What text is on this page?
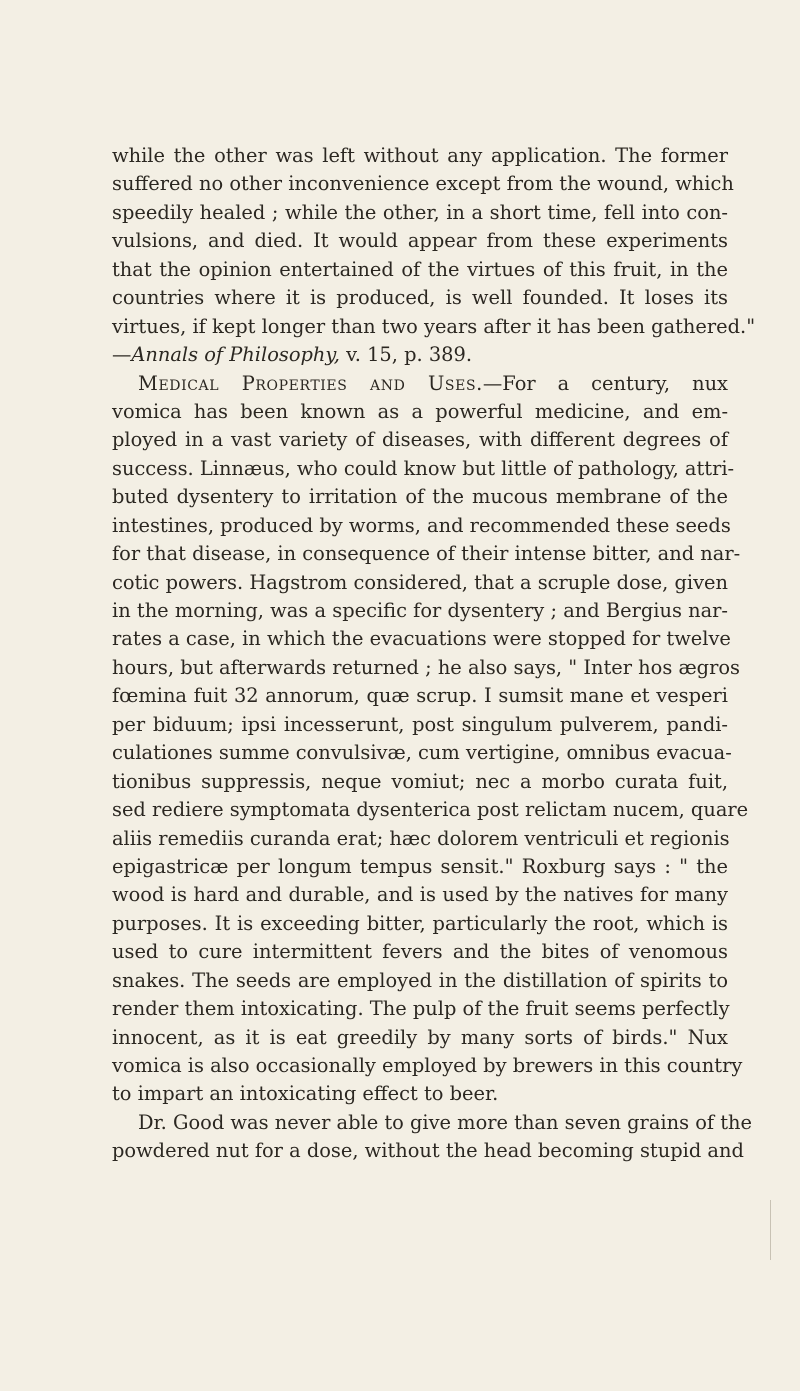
while the other was left without any application. The former
suffered no other inconvenience except from the wound, which
speedily healed ; while the other, in a short time, fell into con-
vulsions, and died. It would appear from these experiments
that the opinion entertained of the virtues of this fruit, in the
countries where it is produced, is well founded. It loses its
virtues, if kept longer than two years after it has been gathered."
—Annals of Philosophy, v. 15, p. 389.
Medical Properties and Uses.—For a century, nux
vomica has been known as a powerful medicine, and em-
ployed in a vast variety of diseases, with different degrees of
success. Linnæus, who could know but little of pathology, attri-
buted dysentery to irritation of the mucous membrane of the
intestines, produced by worms, and recommended these seeds
for that disease, in consequence of their intense bitter, and nar-
cotic powers. Hagstrom considered, that a scruple dose, given
in the morning, was a specific for dysentery ; and Bergius nar-
rates a case, in which the evacuations were stopped for twelve
hours, but afterwards returned ; he also says, " Inter hos ægros
fœmina fuit 32 annorum, quæ scrup. I sumsit mane et vesperi
per biduum; ipsi incesserunt, post singulum pulverem, pandi-
culationes summe convulsivæ, cum vertigine, omnibus evacua-
tionibus suppressis, neque vomiut; nec a morbo curata fuit,
sed rediere symptomata dysenterica post relictam nucem, quare
aliis remediis curanda erat; hæc dolorem ventriculi et regionis
epigastricæ per longum tempus sensit." Roxburg says : " the
wood is hard and durable, and is used by the natives for many
purposes. It is exceeding bitter, particularly the root, which is
used to cure intermittent fevers and the bites of venomous
snakes. The seeds are employed in the distillation of spirits to
render them intoxicating. The pulp of the fruit seems perfectly
innocent, as it is eat greedily by many sorts of birds." Nux
vomica is also occasionally employed by brewers in this country
to impart an intoxicating effect to beer.
Dr. Good was never able to give more than seven grains of the
powdered nut for a dose, without the head becoming stupid and
